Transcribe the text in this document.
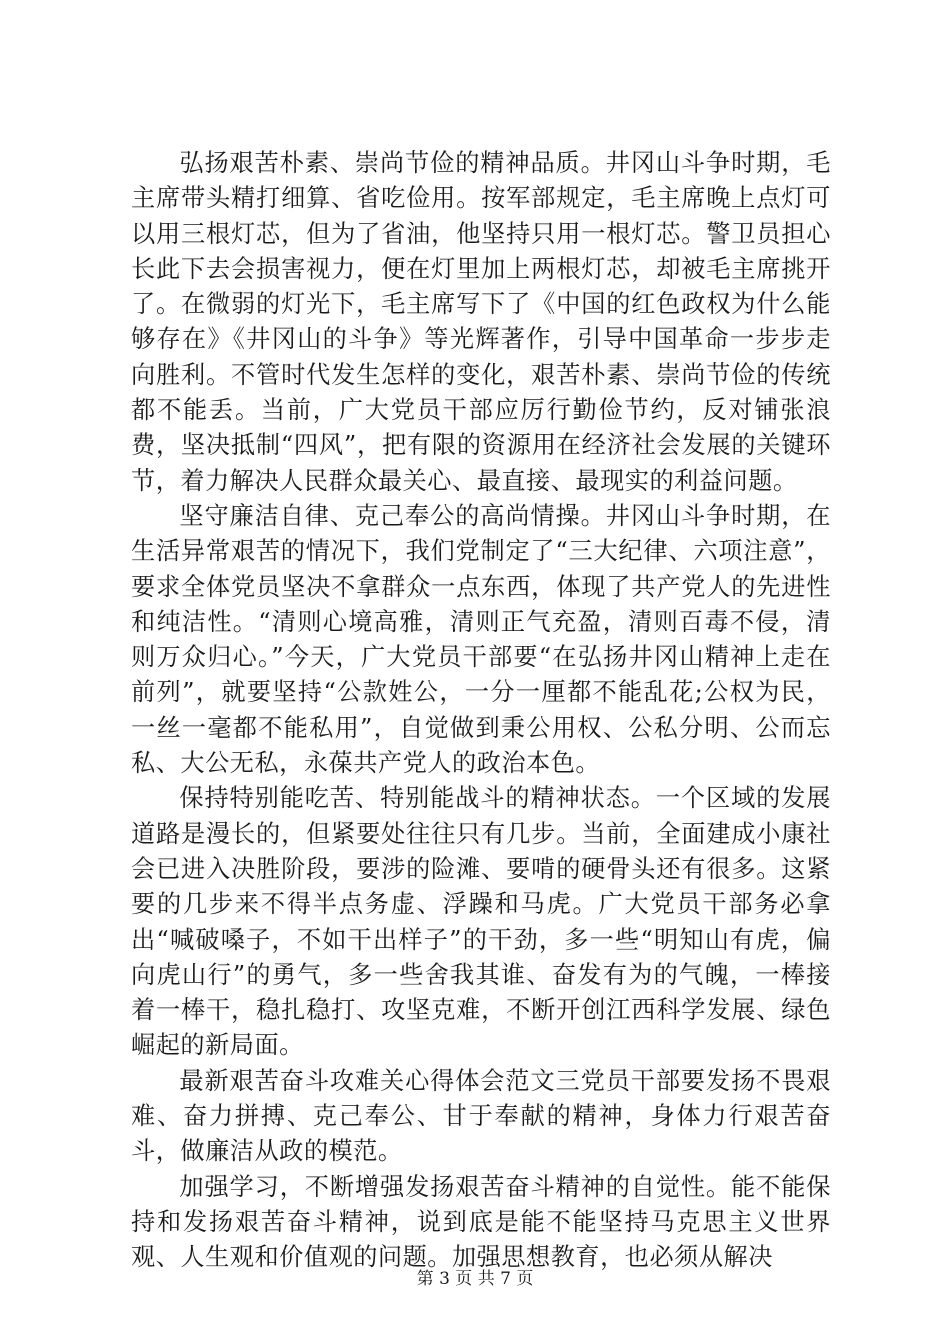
弘扬艰苦朴素、崇尚节俭的精神品质。井冈山斗争时期，毛主席带头精打细算、省吃俭用。按军部规定，毛主席晚上点灯可以用三根灯芯，但为了省油，他坚持只用一根灯芯。警卫员担心长此下去会损害视力，便在灯里加上两根灯芯，却被毛主席挑开了。在微弱的灯光下，毛主席写下了《中国的红色政权为什么能够存在》《井冈山的斗争》等光辉著作，引导中国革命一步步走向胜利。不管时代发生怎样的变化，艰苦朴素、崇尚节俭的传统都不能丢。当前，广大党员干部应厉行勤俭节约，反对铺张浪费，坚决抵制“四风”，把有限的资源用在经济社会发展的关键环节，着力解决人民群众最关心、最直接、最现实的利益问题。

坚守廉洁自律、克己奉公的高尚情操。井冈山斗争时期，在生活异常艰苦的情况下，我们党制定了“三大纪律、六项注意”，要求全体党员坚决不拿群众一点东西，体现了共产党人的先进性和纯洁性。“清则心境高雅，清则正气充盈，清则百毒不侵，清则万众归心。”今天，广大党员干部要“在弘扬井冈山精神上走在前列”，就要坚持“公款姓公，一分一厘都不能乱花;公权为民，一丝一毫都不能私用”，自觉做到秉公用权、公私分明、公而忘私、大公无私，永葆共产党人的政治本色。

保持特别能吃苦、特别能战斗的精神状态。一个区域的发展道路是漫长的，但紧要处往往只有几步。当前，全面建成小康社会已进入决胜阶段，要涉的险滩、要啃的硬骨头还有很多。这紧要的几步来不得半点务虚、浮躁和马虎。广大党员干部务必拿出“喊破嗓子，不如干出样子”的干劲，多一些“明知山有虎，偏向虎山行”的勇气，多一些舍我其谁、奋发有为的气魄，一棒接着一棒干，稳扎稳打、攻坚克难，不断开创江西科学发展、绿色崛起的新局面。

最新艰苦奋斗攻难关心得体会范文三党员干部要发扬不畏艰难、奋力拼搏、克己奉公、甘于奉献的精神，身体力行艰苦奋斗，做廉洁从政的模范。

加强学习，不断增强发扬艰苦奋斗精神的自觉性。能不能保持和发扬艰苦奋斗精神，说到底是能不能坚持马克思主义世界观、人生观和价值观的问题。加强思想教育，也必须从解决

第 3 页 共 7 页
